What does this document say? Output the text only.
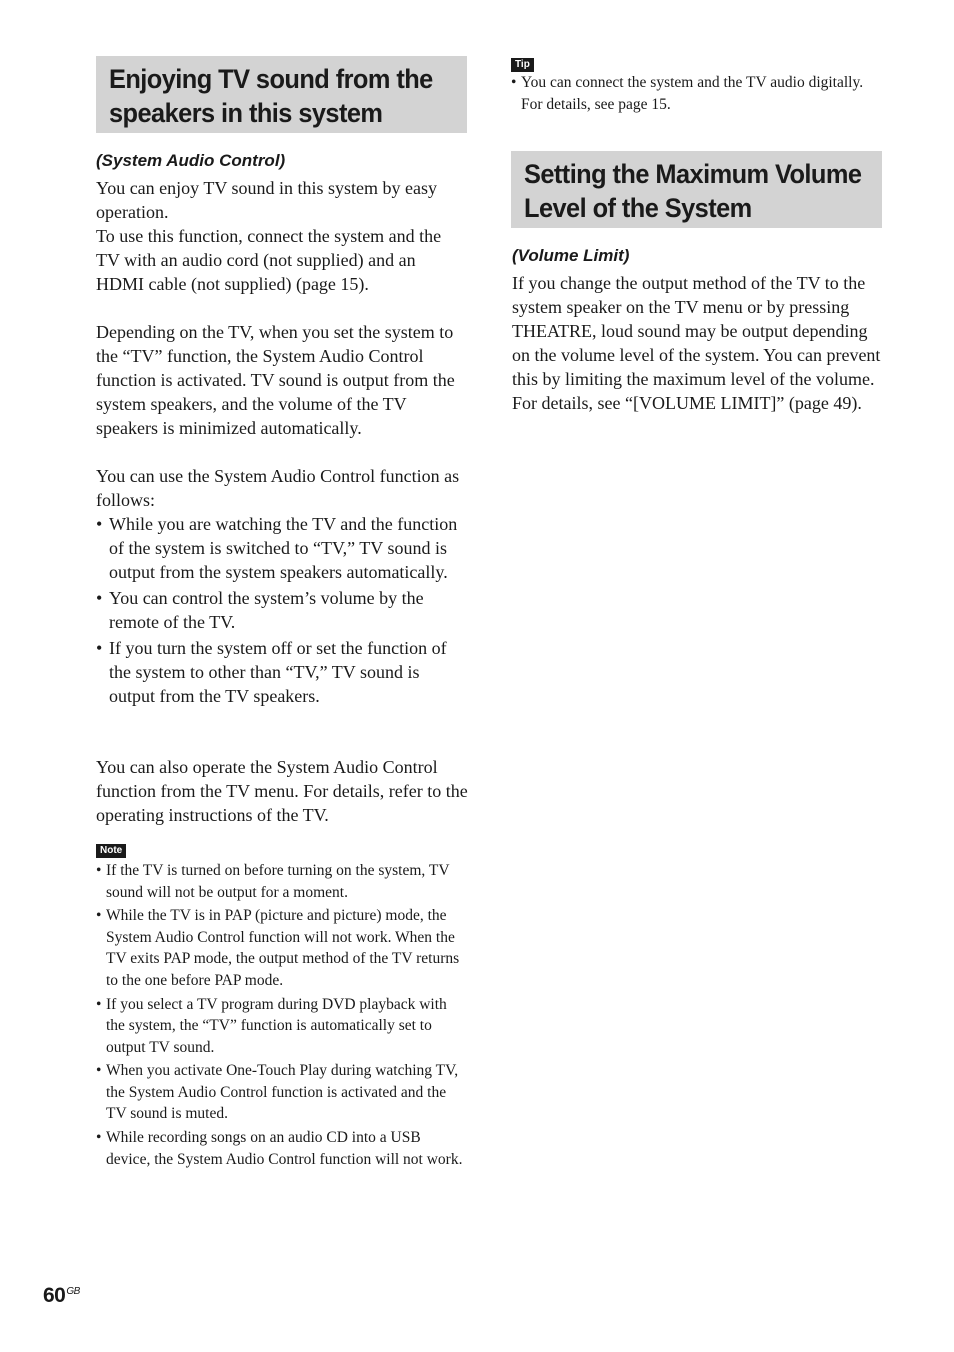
Enjoying TV sound from the
speakers in this system

(System Audio Control)

You can enjoy TV sound in this system by easy operation.

To use this function, connect the system and the TV with an audio cord (not supplied) and an HDMI cable (not supplied) (page 15).

Depending on the TV, when you set the system to the “TV” function, the System Audio Control function is activated. TV sound is output from the system speakers, and the volume of the TV speakers is minimized automatically.

You can use the System Audio Control function as follows:

• While you are watching the TV and the function of the system is switched to “TV,” TV sound is output from the system speakers automatically.
• You can control the system’s volume by the remote of the TV.
• If you turn the system off or set the function of the system to other than “TV,” TV sound is output from the TV speakers.

You can also operate the System Audio Control function from the TV menu. For details, refer to the operating instructions of the TV.

Note
• If the TV is turned on before turning on the system, TV sound will not be output for a moment.
• While the TV is in PAP (picture and picture) mode, the System Audio Control function will not work. When the TV exits PAP mode, the output method of the TV returns to the one before PAP mode.
• If you select a TV program during DVD playback with the system, the “TV” function is automatically set to output TV sound.
• When you activate One-Touch Play during watching TV, the System Audio Control function is activated and the TV sound is muted.
• While recording songs on an audio CD into a USB device, the System Audio Control function will not work.
Tip
• You can connect the system and the TV audio digitally. For details, see page 15.
Setting the Maximum Volume
Level of the System

(Volume Limit)

If you change the output method of the TV to the system speaker on the TV menu or by pressing THEATRE, loud sound may be output depending on the volume level of the system. You can prevent this by limiting the maximum level of the volume. For details, see “[VOLUME LIMIT]” (page 49).

$60^{GB}$
